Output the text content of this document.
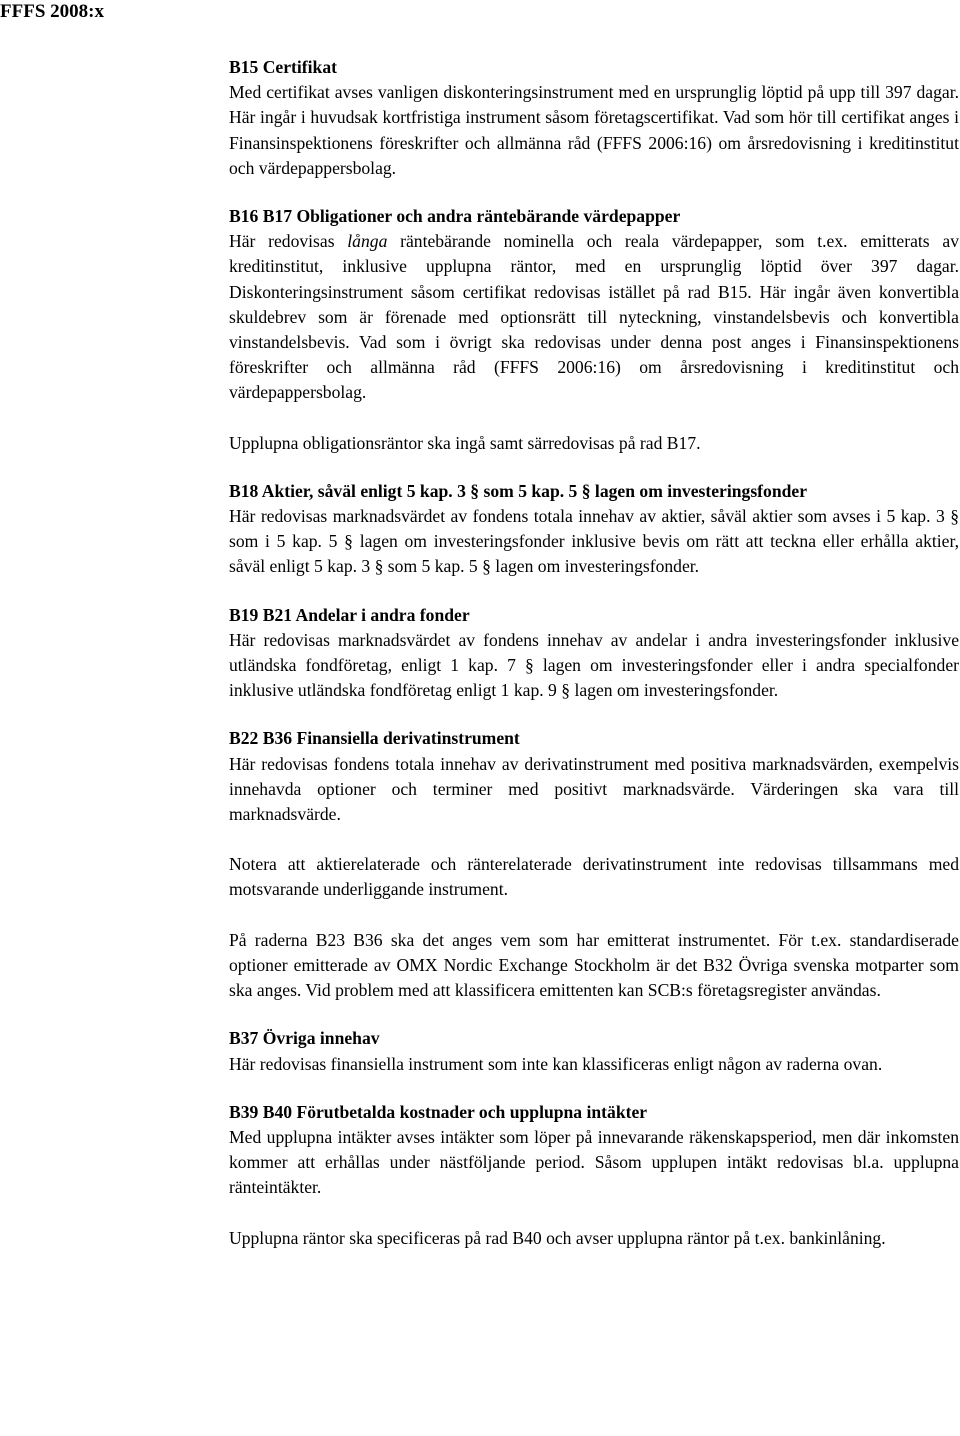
FFFS 2008:x
B15 Certifikat

Med certifikat avses vanligen diskonteringsinstrument med en ursprunglig löptid på upp till 397 dagar. Här ingår i huvudsak kortfristiga instrument såsom företagscertifikat. Vad som hör till certifikat anges i Finansinspektionens föreskrifter och allmänna råd (FFFS 2006:16) om årsredovisning i kreditinstitut och värdepappersbolag.

B16 B17 Obligationer och andra räntebärande värdepapper

Här redovisas långa räntebärande nominella och reala värdepapper, som t.ex. emitterats av kreditinstitut, inklusive upplupna räntor, med en ursprunglig löptid över 397 dagar. Diskonteringsinstrument såsom certifikat redovisas istället på rad B15. Här ingår även konvertibla skuldebrev som är förenade med optionsrätt till nyteckning, vinstandelsbevis och konvertibla vinstandelsbevis. Vad som i övrigt ska redovisas under denna post anges i Finansinspektionens föreskrifter och allmänna råd (FFFS 2006:16) om årsredovisning i kreditinstitut och värdepappersbolag.

Upplupna obligationsräntor ska ingå samt särredovisas på rad B17.

B18 Aktier, såväl enligt 5 kap. 3 § som 5 kap. 5 § lagen om investeringsfonder

Här redovisas marknadsvärdet av fondens totala innehav av aktier, såväl aktier som avses i 5 kap. 3 § som i 5 kap. 5 § lagen om investeringsfonder inklusive bevis om rätt att teckna eller erhålla aktier, såväl enligt 5 kap. 3 § som 5 kap. 5 § lagen om investeringsfonder.

B19 B21 Andelar i andra fonder

Här redovisas marknadsvärdet av fondens innehav av andelar i andra investeringsfonder inklusive utländska fondföretag, enligt 1 kap. 7 § lagen om investeringsfonder eller i andra specialfonder inklusive utländska fondföretag enligt 1 kap. 9 § lagen om investeringsfonder.

B22 B36 Finansiella derivatinstrument

Här redovisas fondens totala innehav av derivatinstrument med positiva marknadsvärden, exempelvis innehavda optioner och terminer med positivt marknadsvärde. Värderingen ska vara till marknadsvärde.

Notera att aktierelaterade och ränterelaterade derivatinstrument inte redovisas tillsammans med motsvarande underliggande instrument.

På raderna B23 B36 ska det anges vem som har emitterat instrumentet. För t.ex. standardiserade optioner emitterade av OMX Nordic Exchange Stockholm är det B32 Övriga svenska motparter som ska anges. Vid problem med att klassificera emittenten kan SCB:s företagsregister användas.

B37 Övriga innehav

Här redovisas finansiella instrument som inte kan klassificeras enligt någon av raderna ovan.

B39 B40 Förutbetalda kostnader och upplupna intäkter

Med upplupna intäkter avses intäkter som löper på innevarande räkenskapsperiod, men där inkomsten kommer att erhållas under nästföljande period. Såsom upplupen intäkt redovisas bl.a. upplupna ränteintäkter.

Upplupna räntor ska specificeras på rad B40 och avser upplupna räntor på t.ex. bankinlåning.
